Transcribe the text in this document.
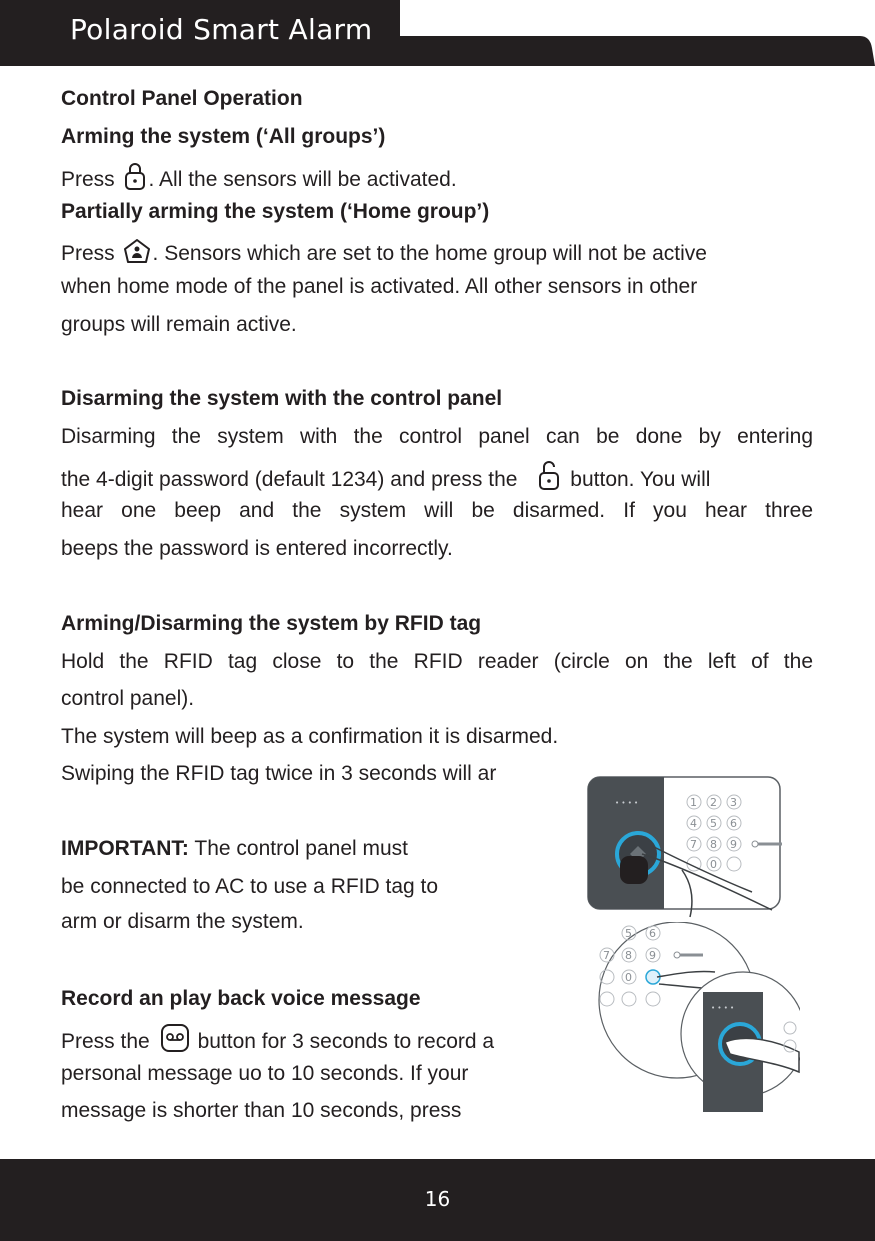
Polaroid Smart Alarm
Control Panel Operation
Arming the system (‘All groups’)
Press . All the sensors will be activated.
Partially arming the system (‘Home group’)
Press . Sensors which are set to the home group will not be active
when home mode of the panel is activated. All other sensors in other
groups will remain active.
Disarming the system with the control panel
Disarming the system with the control panel can be done by entering
the 4-digit password (default 1234) and press the	button. You will
hear one beep and the system will be disarmed. If you hear three
beeps the password is entered incorrectly.
Arming/Disarming the system by RFID tag
Hold the RFID tag close to the RFID reader (circle on the left of the
control panel).
The system will beep as a confirmation it is disarmed.
Swiping the RFID tag twice in 3 seconds will ar
IMPORTANT: The control panel must
be connected to AC to use a RFID tag to
arm or disarm the system.
Record an play back voice message
Press the button for 3 seconds to record a
personal message uo to 10 seconds. If your
message is shorter than 10 seconds, press
• • • •	1 2 3
4 5 6
7 8 9
0
5 6
7 8 9
0
• • • •
16
